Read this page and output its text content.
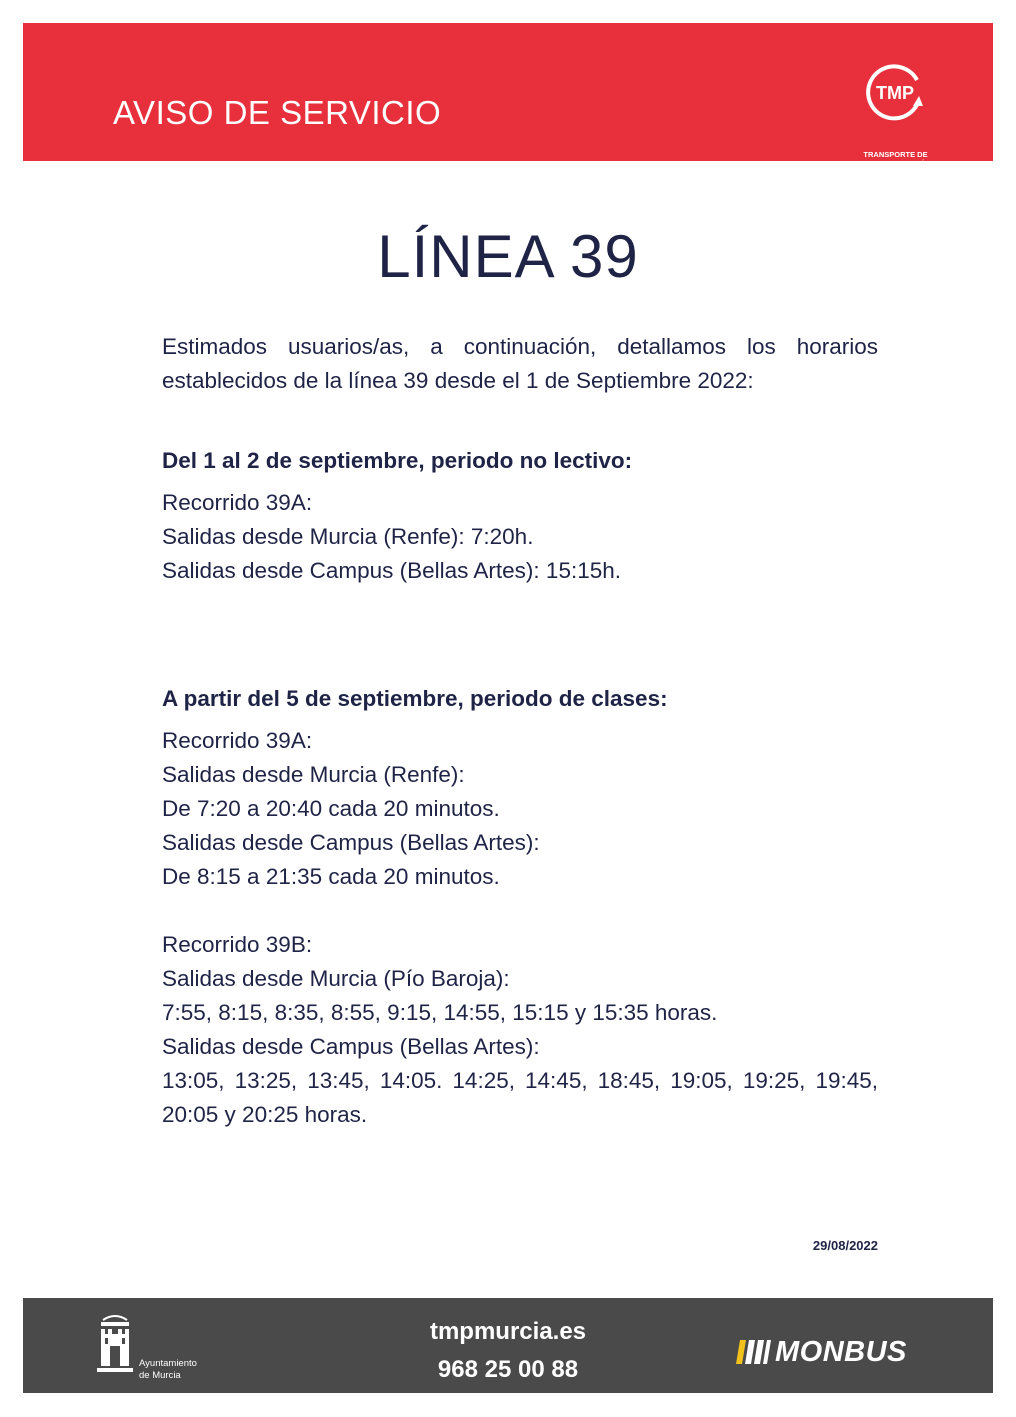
AVISO DE SERVICIO
TMP
TRANSPORTE DE
MURCIA Y PEDANÍAS
LÍNEA 39

Estimados usuarios/as, a continuación, detallamos los horarios establecidos de la línea 39 desde el 1 de Septiembre 2022:

Del 1 al 2 de septiembre, periodo no lectivo:

Recorrido 39A:

Salidas desde Murcia (Renfe): 7:20h.

Salidas desde Campus (Bellas Artes): 15:15h.

A partir del 5 de septiembre, periodo de clases:

Recorrido 39A:

Salidas desde Murcia (Renfe):

De 7:20 a 20:40 cada 20 minutos.

Salidas desde Campus (Bellas Artes):

De 8:15 a 21:35 cada 20 minutos.

Recorrido 39B:

Salidas desde Murcia (Pío Baroja):

7:55, 8:15, 8:35, 8:55, 9:15, 14:55, 15:15 y 15:35 horas.

Salidas desde Campus (Bellas Artes):

13:05, 13:25, 13:45, 14:05. 14:25, 14:45, 18:45, 19:05, 19:25, 19:45, 20:05 y 20:25 horas.

29/08/2022
Ayuntamiento
de Murcia
tmpmurcia.es
968 25 00 88
MONBUS
